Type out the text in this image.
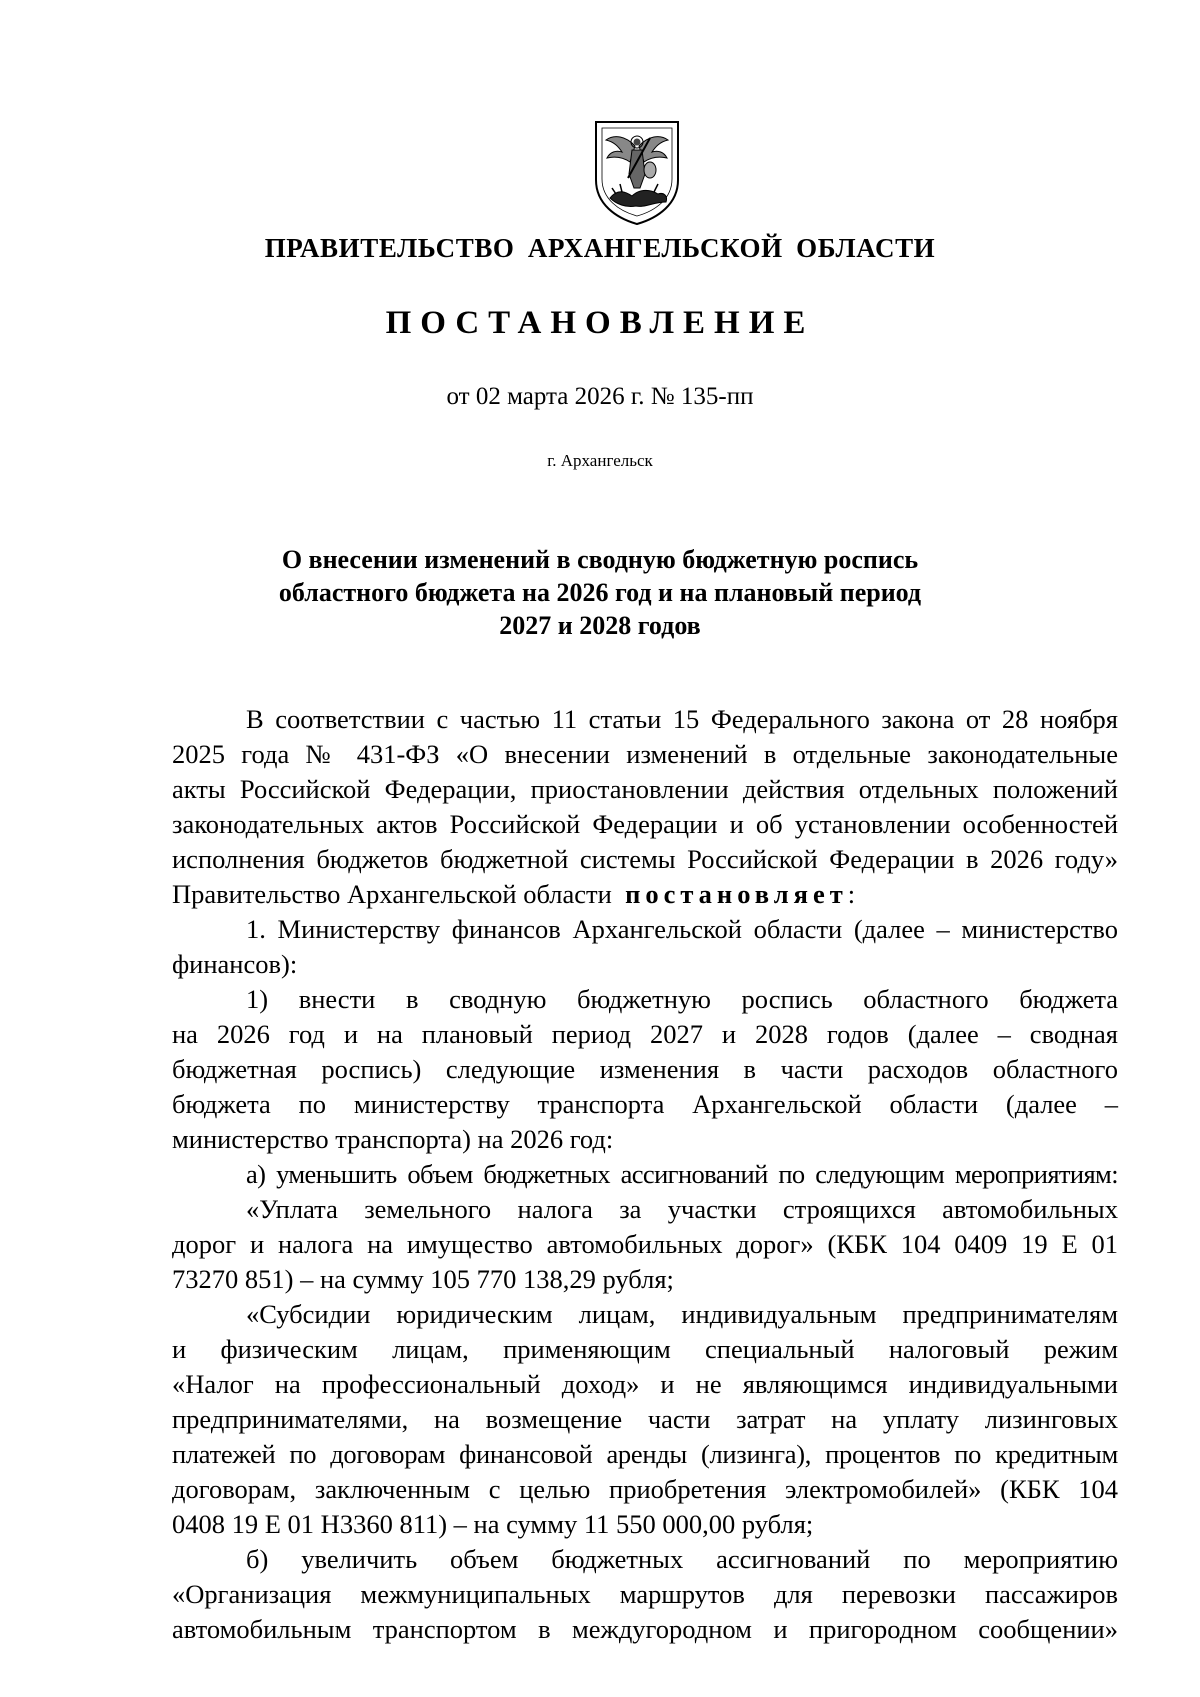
ПРАВИТЕЛЬСТВО АРХАНГЕЛЬСКОЙ ОБЛАСТИ
ПОСТАНОВЛЕНИЕ
от 02 марта 2026 г. № 135-пп
г. Архангельск
О внесении изменений в сводную бюджетную роспись
областного бюджета на 2026 год и на плановый период
2027 и 2028 годов
В соответствии с частью 11 статьи 15 Федерального закона от 28 ноября
2025 года № 431-ФЗ «О внесении изменений в отдельные законодательные
акты Российской Федерации, приостановлении действия отдельных положений
законодательных актов Российской Федерации и об установлении особенностей
исполнения бюджетов бюджетной системы Российской Федерации в 2026 году»
Правительство Архангельской области постановляет:
1. Министерству финансов Архангельской области (далее – министерство
финансов):
1) внести в сводную бюджетную роспись областного бюджета
на 2026 год и на плановый период 2027 и 2028 годов (далее – сводная
бюджетная роспись) следующие изменения в части расходов областного
бюджета по министерству транспорта Архангельской области (далее –
министерство транспорта) на 2026 год:
а) уменьшить объем бюджетных ассигнований по следующим мероприятиям:
«Уплата земельного налога за участки строящихся автомобильных
дорог и налога на имущество автомобильных дорог» (КБК 104 0409 19 Е 01
73270 851) – на сумму 105 770 138,29 рубля;
«Субсидии юридическим лицам, индивидуальным предпринимателям
и физическим лицам, применяющим специальный налоговый режим
«Налог на профессиональный доход» и не являющимся индивидуальными
предпринимателями, на возмещение части затрат на уплату лизинговых
платежей по договорам финансовой аренды (лизинга), процентов по кредитным
договорам, заключенным с целью приобретения электромобилей» (КБК 104
0408 19 Е 01 Н3360 811) – на сумму 11 550 000,00 рубля;
б) увеличить объем бюджетных ассигнований по мероприятию
«Организация межмуниципальных маршрутов для перевозки пассажиров
автомобильным транспортом в междугородном и пригородном сообщении»
